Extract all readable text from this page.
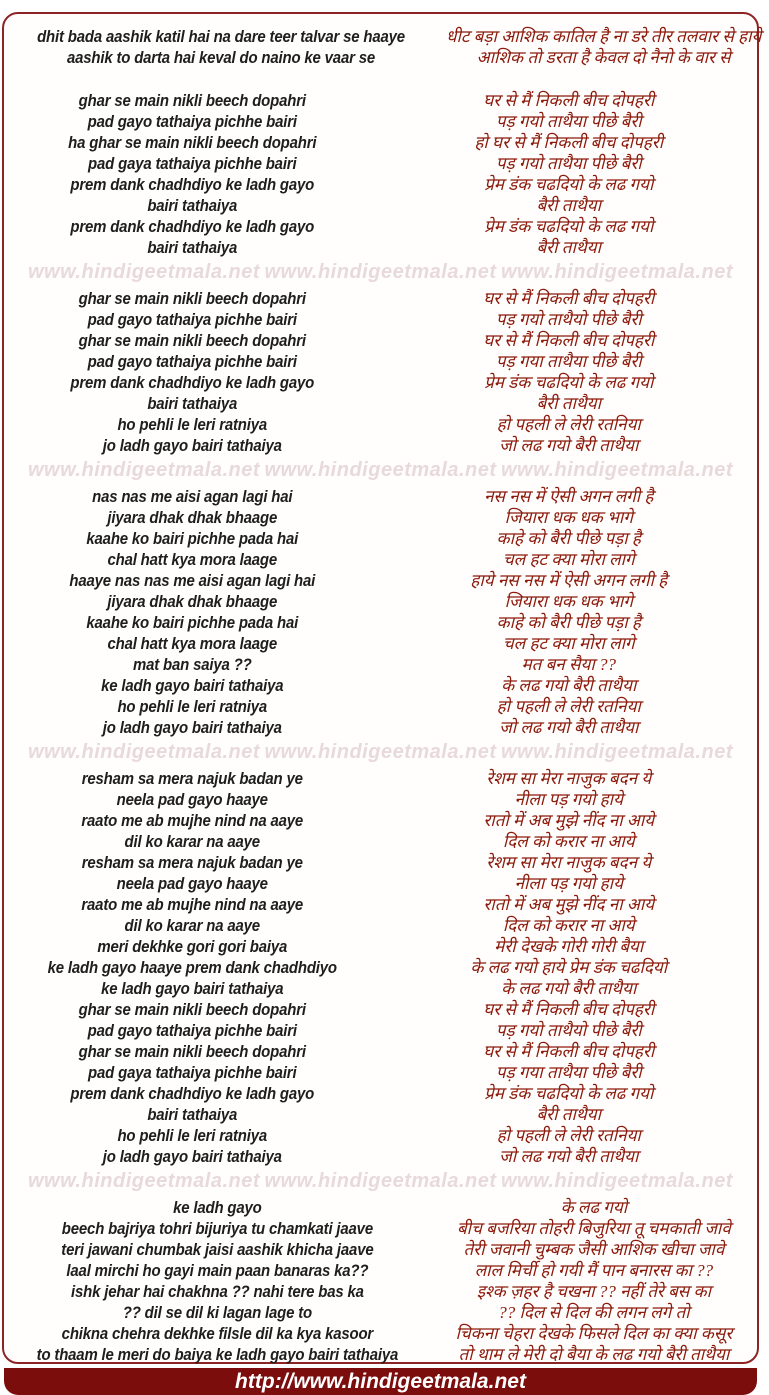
dhit bada aashik katil hai na dare teer talvar se haaye
aashik to darta hai keval do naino ke vaar se
धीट बड़ा आशिक कातिल है ना डरे तीर तलवार से हाये
आशिक तो डरता है केवल दो नैनो के वार से
ghar se main nikli beech dopahri
pad gayo tathaiya pichhe bairi
ha ghar se main nikli beech dopahri
pad gaya tathaiya pichhe bairi
prem dank chadhdiyo ke ladh gayo
bairi tathaiya
prem dank chadhdiyo ke ladh gayo
bairi tathaiya
घर से मैं निकली बीच दोपहरी
पड़ गयो ताथैया पीछे बैरी
हो घर से मैं निकली बीच दोपहरी
पड़ गयो ताथैया पीछे बैरी
प्रेम डंक चढदियो के लढ गयो
बैरी ताथैया
प्रेम डंक चढदियो के लढ गयो
बैरी ताथैया
www.hindigeetmala.net www.hindigeetmala.net www.hindigeetmala.net
ghar se main nikli beech dopahri
pad gayo tathaiya pichhe bairi
ghar se main nikli beech dopahri
pad gayo tathaiya pichhe bairi
prem dank chadhdiyo ke ladh gayo
bairi tathaiya
ho pehli le leri ratniya
jo ladh gayo bairi tathaiya
घर से मैं निकली बीच दोपहरी
पड़ गयो ताथैयो पीछे बैरी
घर से मैं निकली बीच दोपहरी
पड़ गया ताथैया पीछे बैरी
प्रेम डंक चढदियो के लढ गयो
बैरी ताथैया
हो पहली ले लेरी रतनिया
जो लढ गयो बैरी ताथैया
www.hindigeetmala.net www.hindigeetmala.net www.hindigeetmala.net
nas nas me aisi agan lagi hai
jiyara dhak dhak bhaage
kaahe ko bairi pichhe pada hai
chal hatt kya mora laage
haaye nas nas me aisi agan lagi hai
jiyara dhak dhak bhaage
kaahe ko bairi pichhe pada hai
chal hatt kya mora laage
mat ban saiya ??
ke ladh gayo bairi tathaiya
ho pehli le leri ratniya
jo ladh gayo bairi tathaiya
नस नस में ऐसी अगन लगी है
जियारा धक धक भागे
काहे को बैरी पीछे पड़ा है
चल हट क्या मोरा लागे
हाये नस नस में ऐसी अगन लगी है
जियारा धक धक भागे
काहे को बैरी पीछे पड़ा है
चल हट क्या मोरा लागे
मत बन सैया ??
के लढ गयो बैरी ताथैया
हो पहली ले लेरी रतनिया
जो लढ गयो बैरी ताथैया
www.hindigeetmala.net www.hindigeetmala.net www.hindigeetmala.net
resham sa mera najuk badan ye
neela pad gayo haaye
raato me ab mujhe nind na aaye
dil ko karar na aaye
resham sa mera najuk badan ye
neela pad gayo haaye
raato me ab mujhe nind na aaye
dil ko karar na aaye
meri dekhke gori gori baiya
ke ladh gayo haaye prem dank chadhdiyo
ke ladh gayo bairi tathaiya
ghar se main nikli beech dopahri
pad gayo tathaiya pichhe bairi
ghar se main nikli beech dopahri
pad gaya tathaiya pichhe bairi
prem dank chadhdiyo ke ladh gayo
bairi tathaiya
ho pehli le leri ratniya
jo ladh gayo bairi tathaiya
रेशम सा मेरा नाजुक बदन ये
नीला पड़ गयो हाये
रातो में अब मुझे नींद ना आये
दिल को करार ना आये
रेशम सा मेरा नाजुक बदन ये
नीला पड़ गयो हाये
रातो में अब मुझे नींद ना आये
दिल को करार ना आये
मेरी देखके गोरी गोरी बैया
के लढ गयो हाये प्रेम डंक चढदियो
के लढ गयो बैरी ताथैया
घर से मैं निकली बीच दोपहरी
पड़ गयो ताथैयो पीछे बैरी
घर से मैं निकली बीच दोपहरी
पड़ गया ताथैया पीछे बैरी
प्रेम डंक चढदियो के लढ गयो
बैरी ताथैया
हो पहली ले लेरी रतनिया
जो लढ गयो बैरी ताथैया
www.hindigeetmala.net www.hindigeetmala.net www.hindigeetmala.net
ke ladh gayo
beech bajriya tohri bijuriya tu chamkati jaave
teri jawani chumbak jaisi aashik khicha jaave
laal mirchi ho gayi main paan banaras ka??
ishk jehar hai chakhna ?? nahi tere bas ka
?? dil se dil ki lagan lage to
chikna chehra dekhke filsle dil ka kya kasoor
to thaam le meri do baiya ke ladh gayo bairi tathaiya
के लढ गयो
बीच बजरिया तोहरी बिजुरिया तू चमकाती जावे
तेरी जवानी चुम्बक जैसी आशिक खीचा जावे
लाल मिर्ची हो गयी मैं पान बनारस का ??
इश्क ज़हर है चखना ?? नहीं तेरे बस का
?? दिल से दिल की लगन लगे तो
चिकना चेहरा देखके फिसले दिल का क्या कसूर
तो थाम ले मेरी दो बैया के लढ गयो बैरी ताथैया
http://www.hindigeetmala.net
